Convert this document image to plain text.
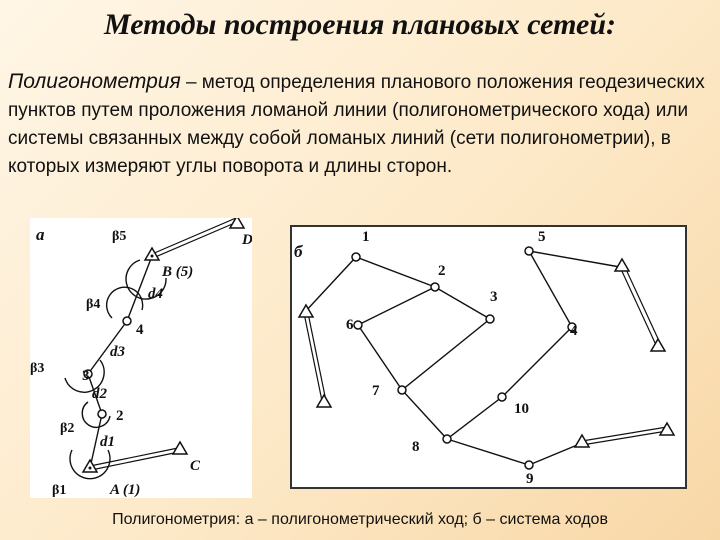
Методы построения плановых сетей:
Полигонометрия – метод определения планового положения геодезических пунктов путем проложения ломаной линии (полигонометрического хода) или системы связанных между собой ломаных линий (сети полигонометрии), в которых измеряют углы поворота и длины сторон.
а
A (1)
2
3
4
B (5)
C
D
d1
d2
d3
d4
β1
β2
β3
β4
β5
б
1
2
3
4
5
6
7
8
9
10
Полигонометрия: а – полигонометрический ход; б – система ходов
